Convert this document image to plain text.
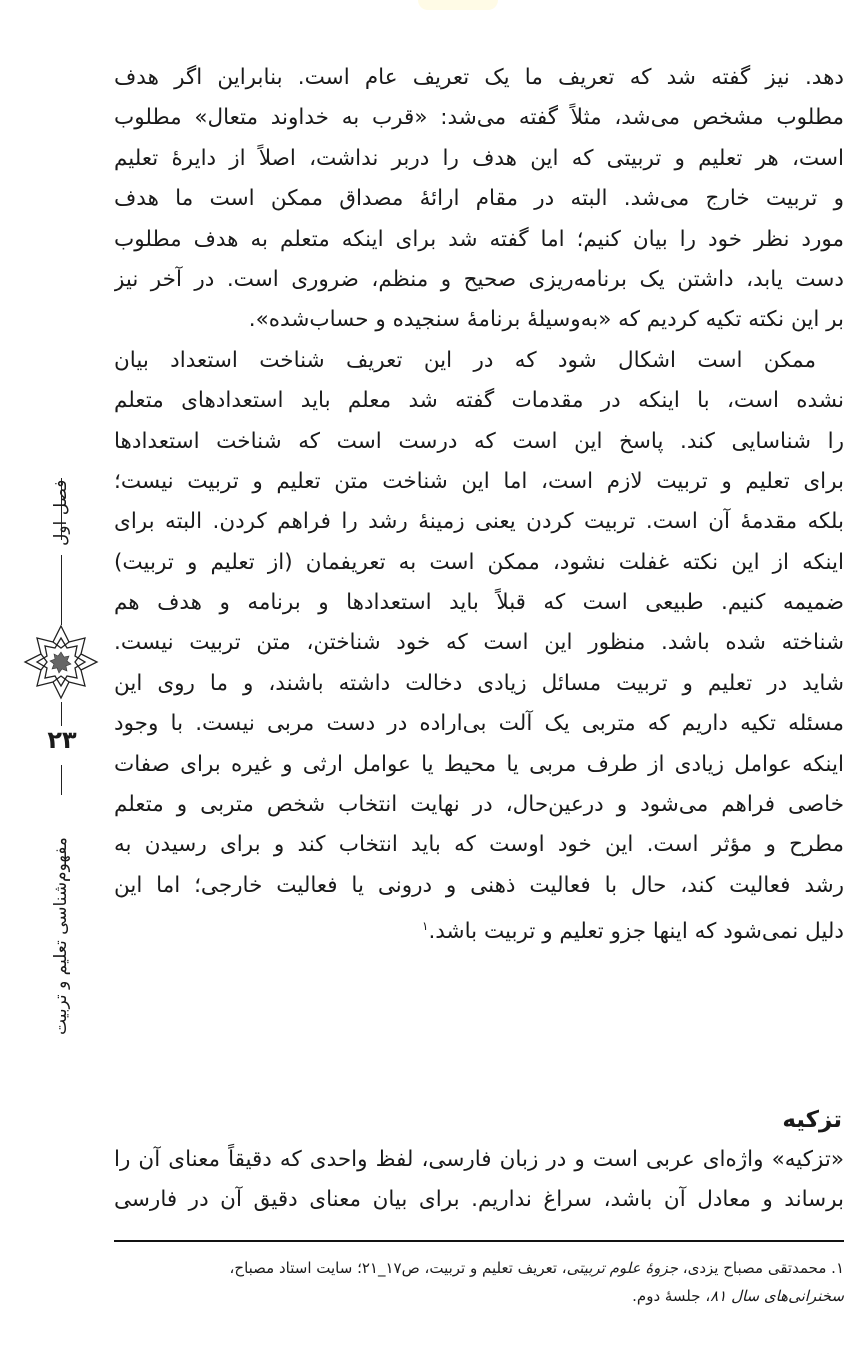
فصل اول
۲۳
مفهوم‌شناسی تعلیم و تربیت
دهد. نیز گفته شد که تعریف ما یک تعریف عام است. بنابراین اگر هدف
مطلوب مشخص می‌شد، مثلاً گفته می‌شد: «قرب به خداوند متعال» مطلوب
است، هر تعلیم و تربیتی که این هدف را دربر نداشت، اصلاً از دایرهٔ تعلیم
و تربیت خارج می‌شد. البته در مقام ارائهٔ مصداق ممکن است ما هدف
مورد نظر خود را بیان کنیم؛ اما گفته شد برای اینکه متعلم به هدف مطلوب
دست یابد، داشتن یک برنامه‌ریزی صحیح و منظم، ضروری است. در آخر نیز
بر این نکته تکیه کردیم که «به‌وسیلهٔ برنامهٔ سنجیده و حساب‌شده».
ممکن است اشکال شود که در این تعریف شناخت استعداد بیان
نشده است، با اینکه در مقدمات گفته شد معلم باید استعدادهای متعلم
را شناسایی کند. پاسخ این است که درست است که شناخت استعدادها
برای تعلیم و تربیت لازم است، اما این شناخت متن تعلیم و تربیت نیست؛
بلکه مقدمهٔ آن است. تربیت کردن یعنی زمینهٔ رشد را فراهم کردن. البته برای
اینکه از این نکته غفلت نشود، ممکن است به تعریفمان (از تعلیم و تربیت)
ضمیمه کنیم. طبیعی است که قبلاً باید استعدادها و برنامه و هدف هم
شناخته شده باشد. منظور این است که خود شناختن، متن تربیت نیست.
شاید در تعلیم و تربیت مسائل زیادی دخالت داشته باشند، و ما روی این
مسئله تکیه داریم که متربی یک آلت بی‌اراده در دست مربی نیست. با وجود
اینکه عوامل زیادی از طرف مربی یا محیط یا عوامل ارثی و غیره برای صفات
خاصی فراهم می‌شود و درعین‌حال، در نهایت انتخاب شخص متربی و متعلم
مطرح و مؤثر است. این خود اوست که باید انتخاب کند و برای رسیدن به
رشد فعالیت کند، حال با فعالیت ذهنی و درونی یا فعالیت خارجی؛ اما این
دلیل نمی‌شود که اینها جزو تعلیم و تربیت باشد.$^۱$
تزکیه
«تزکیه» واژه‌ای عربی است و در زبان فارسی، لفظ واحدی که دقیقاً معنای آن را
برساند و معادل آن باشد، سراغ نداریم. برای بیان معنای دقیق آن در فارسی
۱. محمدتقی مصباح یزدی، جزوهٔ علوم تربیتی، تعریف تعلیم و تربیت، ص۱۷_۲۱؛ سایت استاد مصباح،
سخنرانی‌های سال ۸۱، جلسهٔ دوم.
